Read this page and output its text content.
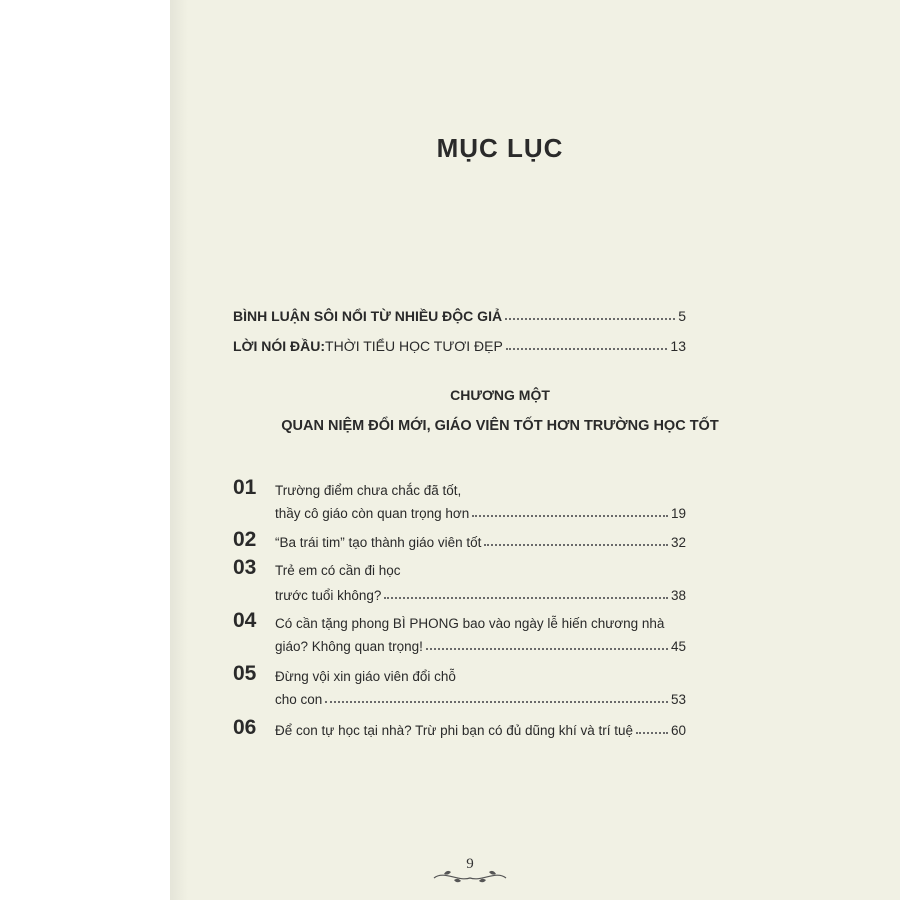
MỤC LỤC
BÌNH LUẬN SÔI NỔI TỪ NHIỀU ĐỘC GIẢ	5
LỜI NÓI ĐẦU: THỜI TIỂU HỌC TƯƠI ĐẸP	13
CHƯƠNG MỘT
QUAN NIỆM ĐỔI MỚI, GIÁO VIÊN TỐT HƠN TRƯỜNG HỌC TỐT
01 Trường điểm chưa chắc đã tốt,
thầy cô giáo còn quan trọng hơn	19
02 “Ba trái tim” tạo thành giáo viên tốt	32
03 Trẻ em có cần đi học
trước tuổi không?	38
04 Có cần tặng phong BÌ PHONG bao vào ngày lễ hiến chương nhà
giáo? Không quan trọng!	45
05 Đừng vội xin giáo viên đổi chỗ
cho con	53
06 Để con tự học tại nhà? Trừ phi bạn có đủ dũng khí và trí tuệ	60
9
